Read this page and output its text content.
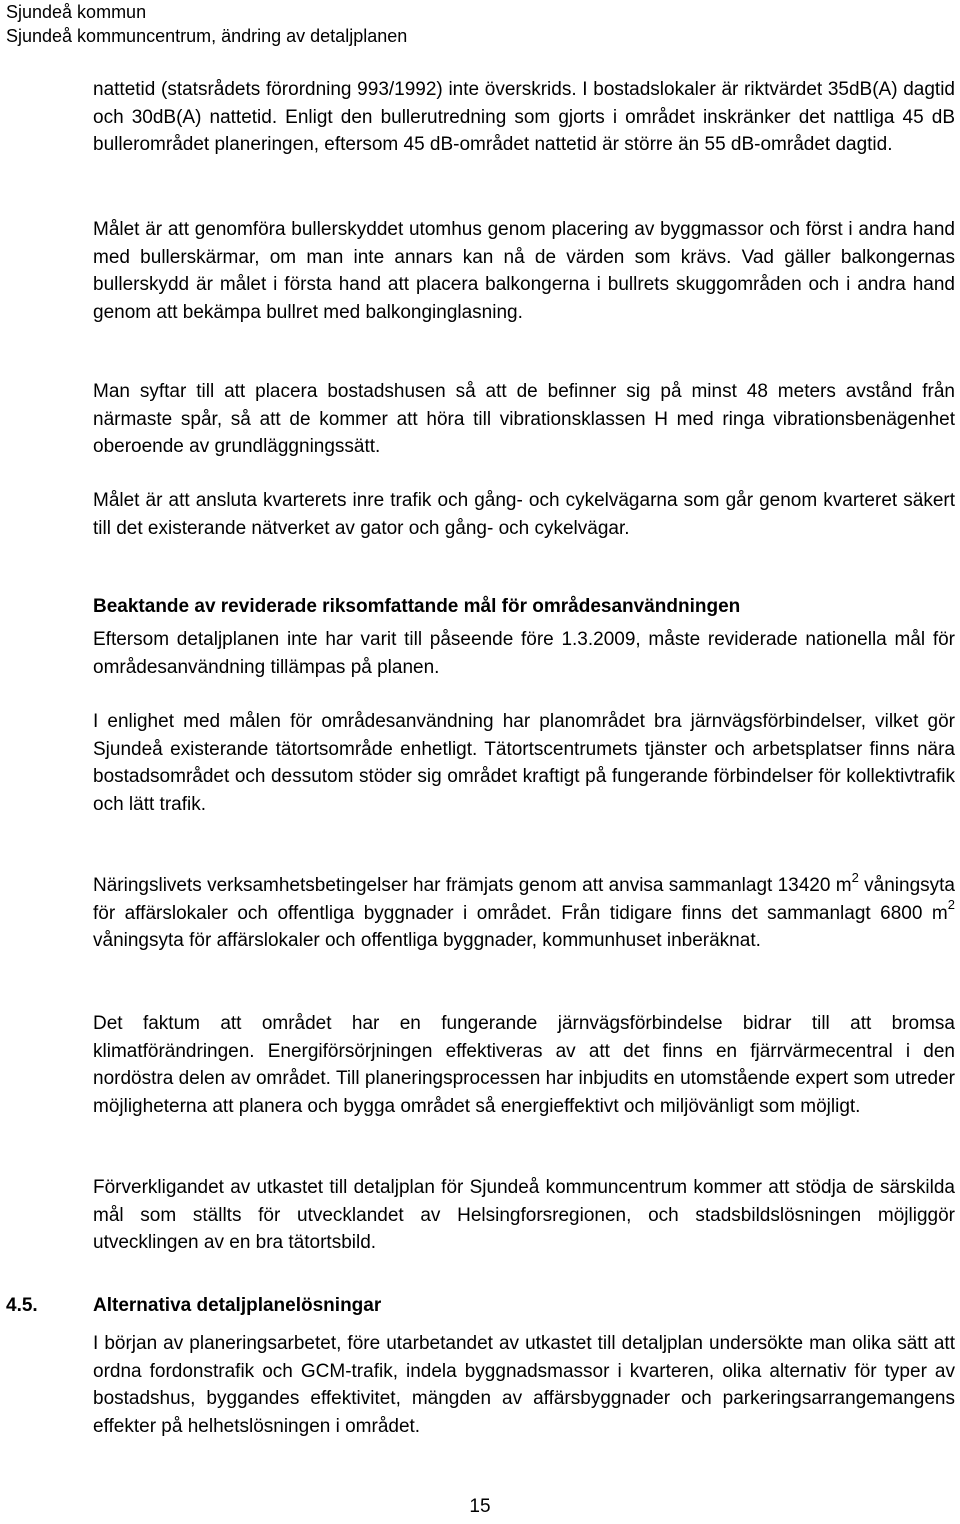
Sjundeå kommun
Sjundeå kommuncentrum, ändring av detaljplanen

nattetid (statsrådets förordning 993/1992) inte överskrids. I bostadslokaler är riktvärdet 35dB(A) dagtid och 30dB(A) nattetid. Enligt den bullerutredning som gjorts i området inskränker det nattliga 45 dB bullerområdet planeringen, eftersom 45 dB-området nattetid är större än 55 dB-området dagtid.

Målet är att genomföra bullerskyddet utomhus genom placering av byggmassor och först i andra hand med bullerskärmar, om man inte annars kan nå de värden som krävs. Vad gäller balkongernas bullerskydd är målet i första hand att placera balkongerna i bullrets skuggområden och i andra hand genom att bekämpa bullret med balkonginglasning.

Man syftar till att placera bostadshusen så att de befinner sig på minst 48 meters avstånd från närmaste spår, så att de kommer att höra till vibrationsklassen H med ringa vibrationsbenägenhet oberoende av grundläggningssätt.

Målet är att ansluta kvarterets inre trafik och gång- och cykelvägarna som går genom kvarteret säkert till det existerande nätverket av gator och gång- och cykelvägar.

Beaktande av reviderade riksomfattande mål för områdesanvändningen

Eftersom detaljplanen inte har varit till påseende före 1.3.2009, måste reviderade nationella mål för områdesanvändning tillämpas på planen.

I enlighet med målen för områdesanvändning har planområdet bra järnvägsförbindelser, vilket gör Sjundeå existerande tätortsområde enhetligt. Tätortscentrumets tjänster och arbetsplatser finns nära bostadsområdet och dessutom stöder sig området kraftigt på fungerande förbindelser för kollektivtrafik och lätt trafik.

Näringslivets verksamhetsbetingelser har främjats genom att anvisa sammanlagt 13420 $m^2$ våningsyta för affärslokaler och offentliga byggnader i området. Från tidigare finns det sammanlagt 6800 $m^2$ våningsyta för affärslokaler och offentliga byggnader, kommunhuset inberäknat.

Det faktum att området har en fungerande järnvägsförbindelse bidrar till att bromsa klimatförändringen. Energiförsörjningen effektiveras av att det finns en fjärrvärmecentral i den nordöstra delen av området. Till planeringsprocessen har inbjudits en utomstående expert som utreder möjligheterna att planera och bygga området så energieffektivt och miljövänligt som möjligt.

Förverkligandet av utkastet till detaljplan för Sjundeå kommuncentrum kommer att stödja de särskilda mål som ställts för utvecklandet av Helsingforsregionen, och stadsbildslösningen möjliggör utvecklingen av en bra tätortsbild.

4.5.	Alternativa detaljplanelösningar

I början av planeringsarbetet, före utarbetandet av utkastet till detaljplan undersökte man olika sätt att ordna fordonstrafik och GCM-trafik, indela byggnadsmassor i kvarteren, olika alternativ för typer av bostadshus, byggandes effektivitet, mängden av affärsbyggnader och parkeringsarrangemangens effekter på helhetslösningen i området.

15
